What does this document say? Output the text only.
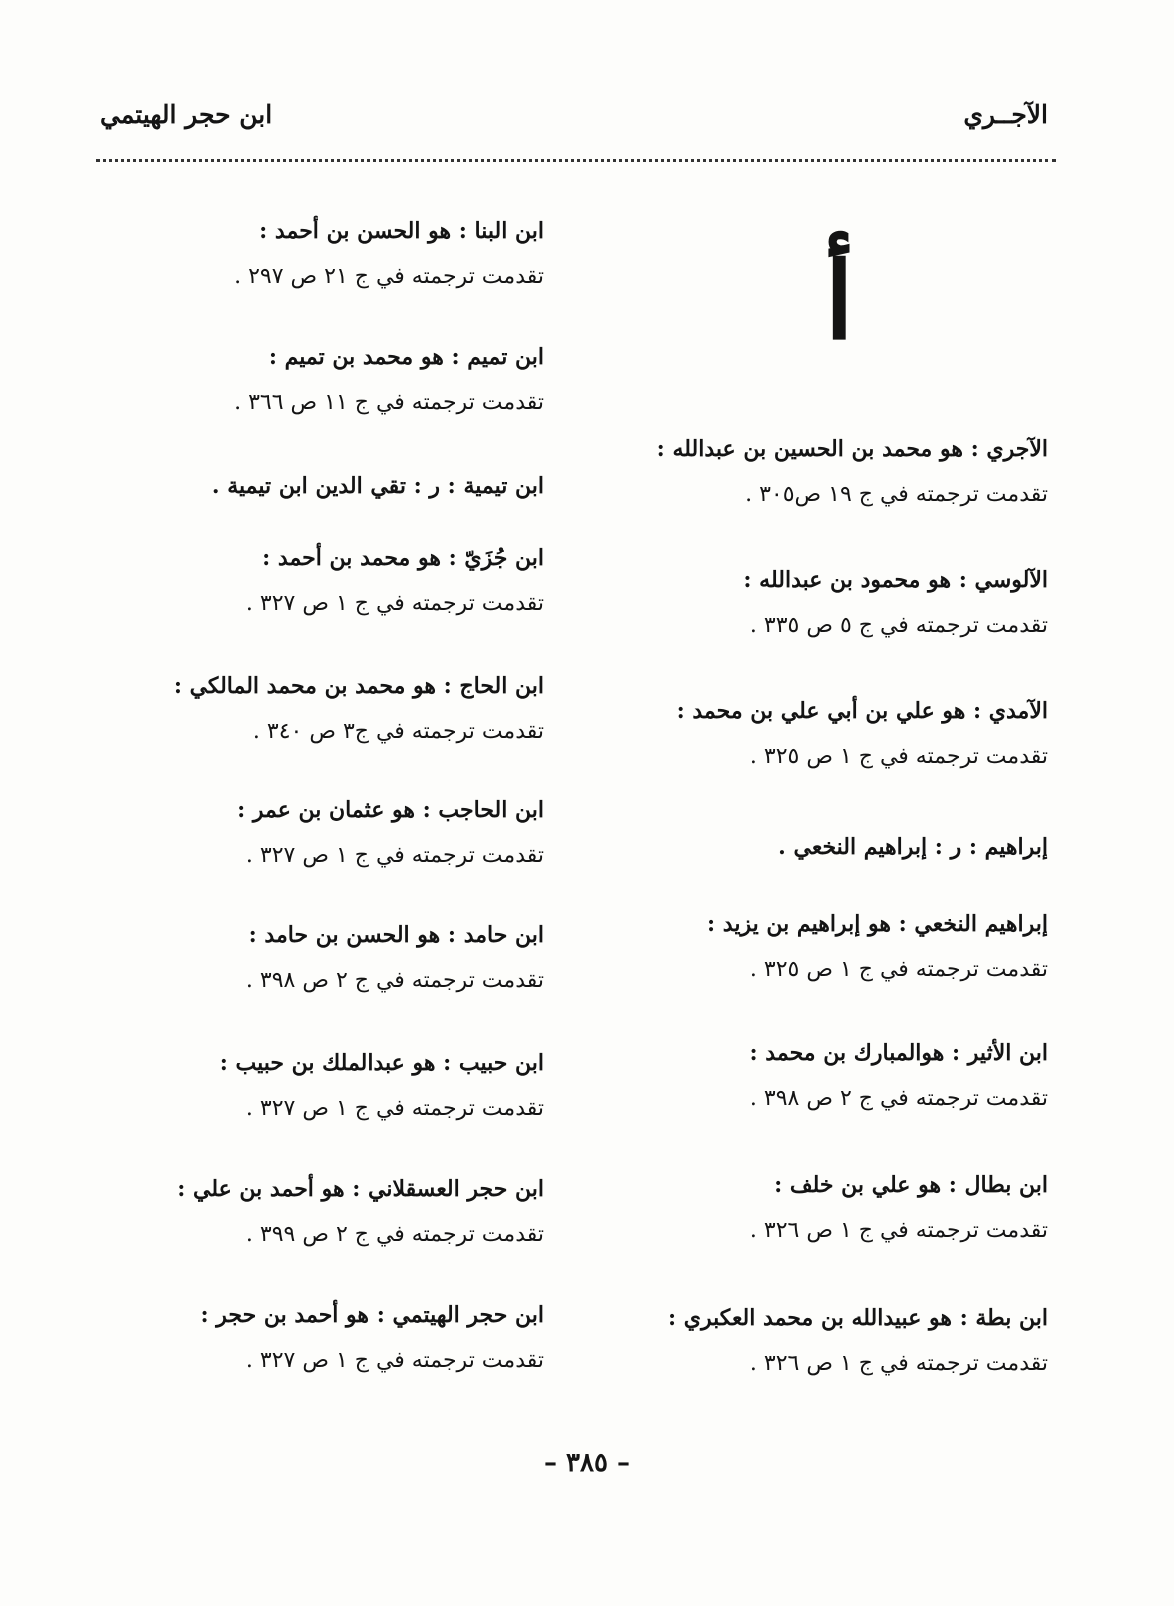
الآجــري
ابن حجر الهيتمي
أ
الآجري : هو محمد بن الحسين بن عبدالله :
تقدمت ترجمته في ج ١٩ ص٣٠٥ .
الآلوسي : هو محمود بن عبدالله :
تقدمت ترجمته في ج ٥ ص ٣٣٥ .
الآمدي : هو علي بن أبي علي بن محمد :
تقدمت ترجمته في ج ١ ص ٣٢٥ .
إبراهيم : ر : إبراهيم النخعي .
إبراهيم النخعي : هو إبراهيم بن يزيد :
تقدمت ترجمته في ج ١ ص ٣٢٥ .
ابن الأثير : هوالمبارك بن محمد :
تقدمت ترجمته في ج ٢ ص ٣٩٨ .
ابن بطال : هو علي بن خلف :
تقدمت ترجمته في ج ١ ص ٣٢٦ .
ابن بطة : هو عبيدالله بن محمد العكبري :
تقدمت ترجمته في ج ١ ص ٣٢٦ .
ابن البنا : هو الحسن بن أحمد :
تقدمت ترجمته في ج ٢١ ص ٢٩٧ .
ابن تميم : هو محمد بن تميم :
تقدمت ترجمته في ج ١١ ص ٣٦٦ .
ابن تيمية : ر : تقي الدين ابن تيمية .
ابن جُزَيّ : هو محمد بن أحمد :
تقدمت ترجمته في ج ١ ص ٣٢٧ .
ابن الحاج : هو محمد بن محمد المالكي :
تقدمت ترجمته في ج٣ ص ٣٤٠ .
ابن الحاجب : هو عثمان بن عمر :
تقدمت ترجمته في ج ١ ص ٣٢٧ .
ابن حامد : هو الحسن بن حامد :
تقدمت ترجمته في ج ٢ ص ٣٩٨ .
ابن حبيب : هو عبدالملك بن حبيب :
تقدمت ترجمته في ج ١ ص ٣٢٧ .
ابن حجر العسقلاني : هو أحمد بن علي :
تقدمت ترجمته في ج ٢ ص ٣٩٩ .
ابن حجر الهيتمي : هو أحمد بن حجر :
تقدمت ترجمته في ج ١ ص ٣٢٧ .
– ٣٨٥ –
